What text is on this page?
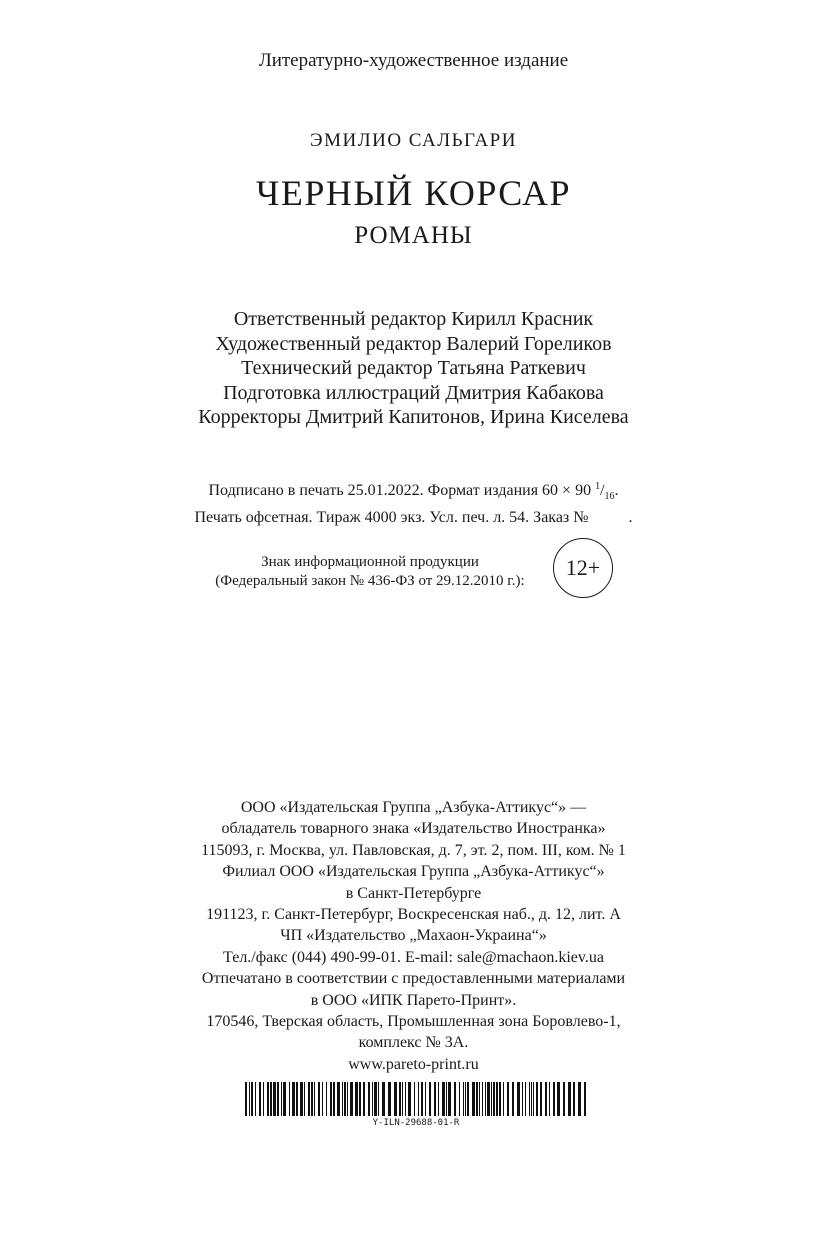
Литературно-художественное издание
ЭМИЛИО САЛЬГАРИ
ЧЕРНЫЙ КОРСАР
РОМАНЫ
Ответственный редактор Кирилл Красник
Художественный редактор Валерий Гореликов
Технический редактор Татьяна Раткевич
Подготовка иллюстраций Дмитрия Кабакова
Корректоры Дмитрий Капитонов, Ирина Киселева
Подписано в печать 25.01.2022. Формат издания 60 × 90 $^1/_{16}$.
Печать офсетная. Тираж 4000 экз. Усл. печ. л. 54. Заказ №	.
Знак информационной продукции
(Федеральный закон № 436-ФЗ от 29.12.2010 г.):
12+
ООО «Издательская Группа „Азбука-Аттикус“» —
обладатель товарного знака «Издательство Иностранка»
115093, г. Москва, ул. Павловская, д. 7, эт. 2, пом. III, ком. № 1
Филиал ООО «Издательская Группа „Азбука-Аттикус“»
в Санкт-Петербурге
191123, г. Санкт-Петербург, Воскресенская наб., д. 12, лит. А
ЧП «Издательство „Махаон-Украина“»
Тел./факс (044) 490-99-01. E-mail: sale@machaon.kiev.ua
Отпечатано в соответствии с предоставленными материалами
в ООО «ИПК Парето-Принт».
170546, Тверская область, Промышленная зона Боровлево-1,
комплекс № 3А.
www.pareto-print.ru
Y-ILN-29688-01-R
